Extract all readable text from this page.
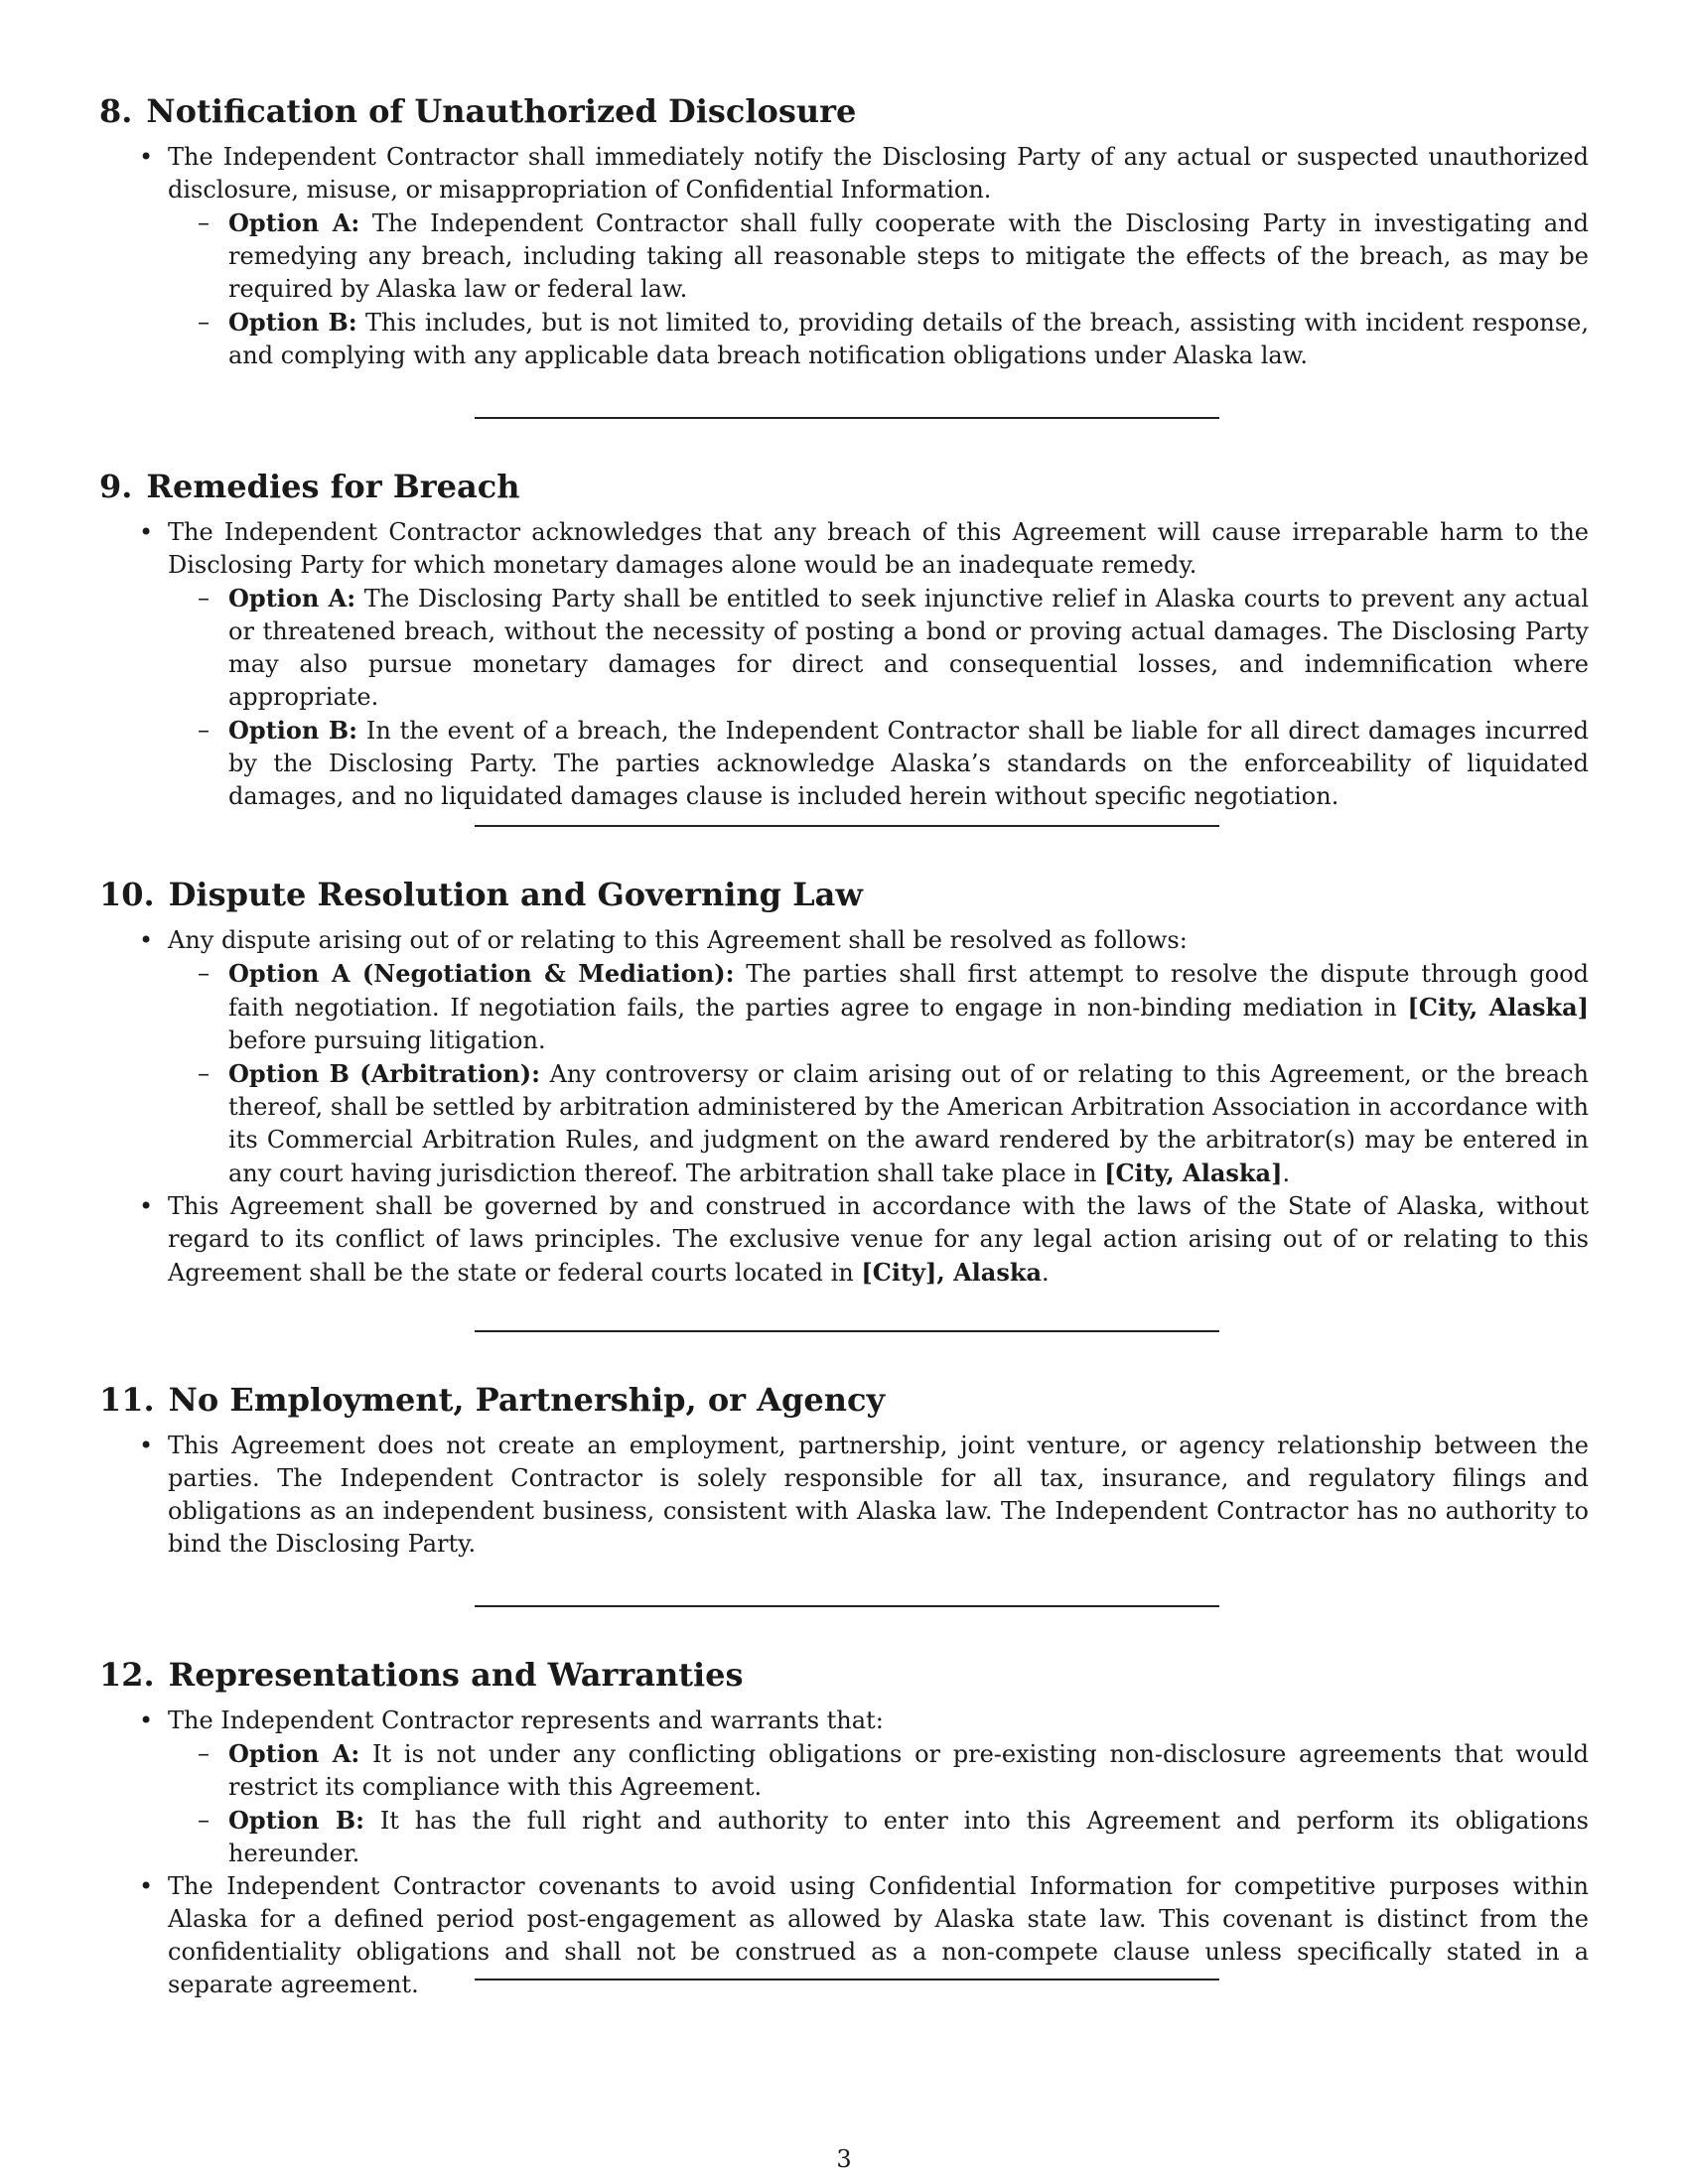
8. Notification of Unauthorized Disclosure
• The Independent Contractor shall immediately notify the Disclosing Party of any actual or suspected unauthorized disclosure, misuse, or misappropriation of Confidential Information.
– Option A: The Independent Contractor shall fully cooperate with the Disclosing Party in investigating and remedying any breach, including taking all reasonable steps to mitigate the effects of the breach, as may be required by Alaska law or federal law.
– Option B: This includes, but is not limited to, providing details of the breach, assisting with incident response, and complying with any applicable data breach notification obligations under Alaska law.
9. Remedies for Breach
• The Independent Contractor acknowledges that any breach of this Agreement will cause irreparable harm to the Disclosing Party for which monetary damages alone would be an inadequate remedy.
– Option A: The Disclosing Party shall be entitled to seek injunctive relief in Alaska courts to prevent any actual or threatened breach, without the necessity of posting a bond or proving actual damages. The Disclosing Party may also pursue monetary damages for direct and consequential losses, and indemnification where appropriate.
– Option B: In the event of a breach, the Independent Contractor shall be liable for all direct damages incurred by the Disclosing Party. The parties acknowledge Alaska’s standards on the enforceability of liquidated damages, and no liquidated damages clause is included herein without specific negotiation.
10. Dispute Resolution and Governing Law
• Any dispute arising out of or relating to this Agreement shall be resolved as follows:
– Option A (Negotiation & Mediation): The parties shall first attempt to resolve the dispute through good faith negotiation. If negotiation fails, the parties agree to engage in non-binding mediation in [City, Alaska] before pursuing litigation.
– Option B (Arbitration): Any controversy or claim arising out of or relating to this Agreement, or the breach thereof, shall be settled by arbitration administered by the American Arbitration Association in accordance with its Commercial Arbitration Rules, and judgment on the award rendered by the arbitrator(s) may be entered in any court having jurisdiction thereof. The arbitration shall take place in [City, Alaska].
• This Agreement shall be governed by and construed in accordance with the laws of the State of Alaska, without regard to its conflict of laws principles. The exclusive venue for any legal action arising out of or relating to this Agreement shall be the state or federal courts located in [City], Alaska.
11. No Employment, Partnership, or Agency
• This Agreement does not create an employment, partnership, joint venture, or agency relationship between the parties. The Independent Contractor is solely responsible for all tax, insurance, and regulatory filings and obligations as an independent business, consistent with Alaska law. The Independent Contractor has no authority to bind the Disclosing Party.
12. Representations and Warranties
• The Independent Contractor represents and warrants that:
– Option A: It is not under any conflicting obligations or pre-existing non-disclosure agreements that would restrict its compliance with this Agreement.
– Option B: It has the full right and authority to enter into this Agreement and perform its obligations hereunder.
• The Independent Contractor covenants to avoid using Confidential Information for competitive purposes within Alaska for a defined period post-engagement as allowed by Alaska state law. This covenant is distinct from the confidentiality obligations and shall not be construed as a non-compete clause unless specifically stated in a separate agreement.
3
